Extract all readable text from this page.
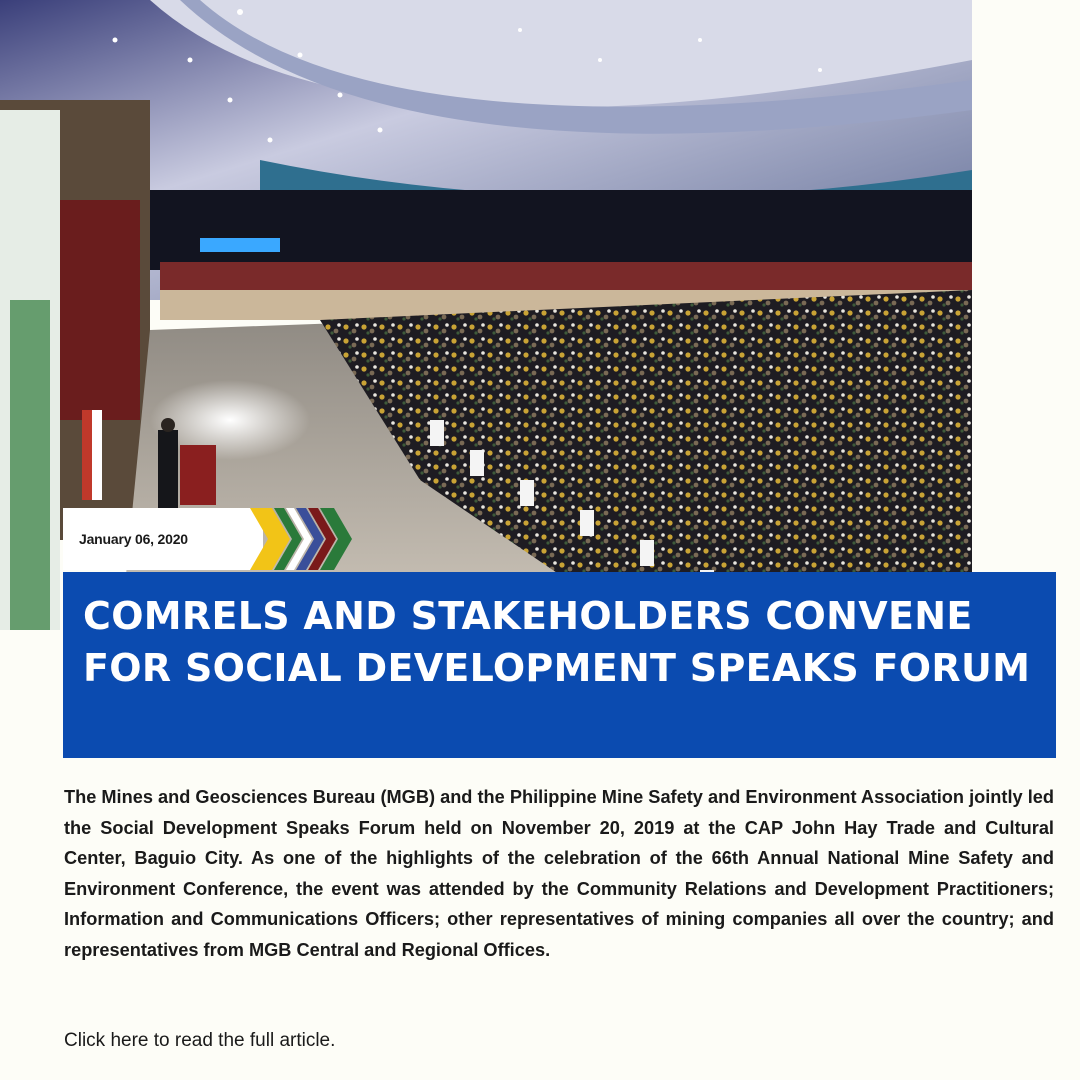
January 06, 2020
COMRELS AND STAKEHOLDERS CONVENE FOR SOCIAL DEVELOPMENT SPEAKS FORUM

The Mines and Geosciences Bureau (MGB) and the Philippine Mine Safety and Environment Association jointly led the Social Development Speaks Forum held on November 20, 2019 at the CAP John Hay Trade and Cultural Center, Baguio City. As one of the highlights of the celebration of the 66th Annual National Mine Safety and Environment Conference, the event was attended by the Community Relations and Development Practitioners; Information and Communications Officers; other representatives of mining companies all over the country; and representatives from MGB Central and Regional Offices.

Click here to read the full article.
